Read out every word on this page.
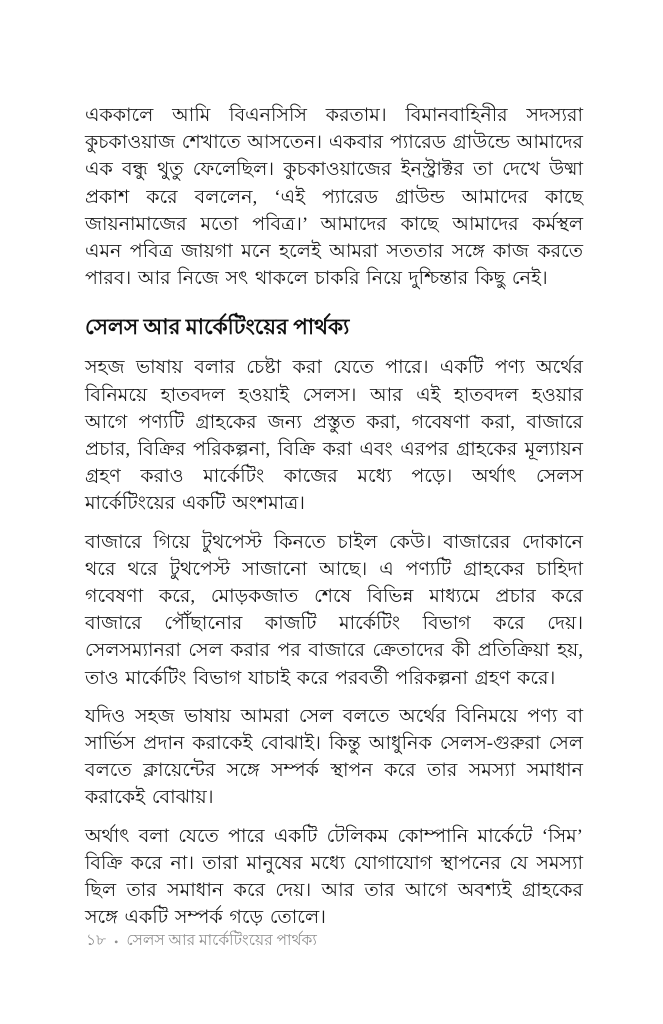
এককালে আমি বিএনসিসি করতাম। বিমানবাহিনীর সদস্যরা কুচকাওয়াজ শেখাতে আসতেন। একবার প্যারেড গ্রাউন্ডে আমাদের এক বন্ধু থুতু ফেলেছিল। কুচকাওয়াজের ইনস্ট্রাক্টর তা দেখে উষ্মা প্রকাশ করে বললেন, ‘এই প্যারেড গ্রাউন্ড আমাদের কাছে জায়নামাজের মতো পবিত্র।’ আমাদের কাছে আমাদের কর্মস্থল এমন পবিত্র জায়গা মনে হলেই আমরা সততার সঙ্গে কাজ করতে পারব। আর নিজে সৎ থাকলে চাকরি নিয়ে দুশ্চিন্তার কিছু নেই।

সেলস আর মার্কেটিংয়ের পার্থক্য

সহজ ভাষায় বলার চেষ্টা করা যেতে পারে। একটি পণ্য অর্থের বিনিময়ে হাতবদল হওয়াই সেলস। আর এই হাতবদল হওয়ার আগে পণ্যটি গ্রাহকের জন্য প্রস্তুত করা, গবেষণা করা, বাজারে প্রচার, বিক্রির পরিকল্পনা, বিক্রি করা এবং এরপর গ্রাহকের মূল্যায়ন গ্রহণ করাও মার্কেটিং কাজের মধ্যে পড়ে। অর্থাৎ সেলস মার্কেটিংয়ের একটি অংশমাত্র।

বাজারে গিয়ে টুথপেস্ট কিনতে চাইল কেউ। বাজারের দোকানে থরে থরে টুথপেস্ট সাজানো আছে। এ পণ্যটি গ্রাহকের চাহিদা গবেষণা করে, মোড়কজাত শেষে বিভিন্ন মাধ্যমে প্রচার করে বাজারে পৌঁছানোর কাজটি মার্কেটিং বিভাগ করে দেয়। সেলসম্যানরা সেল করার পর বাজারে ক্রেতাদের কী প্রতিক্রিয়া হয়, তাও মার্কেটিং বিভাগ যাচাই করে পরবর্তী পরিকল্পনা গ্রহণ করে।

যদিও সহজ ভাষায় আমরা সেল বলতে অর্থের বিনিময়ে পণ্য বা সার্ভিস প্রদান করাকেই বোঝাই। কিন্তু আধুনিক সেলস-গুরুরা সেল বলতে ক্লায়েন্টের সঙ্গে সম্পর্ক স্থাপন করে তার সমস্যা সমাধান করাকেই বোঝায়।

অর্থাৎ বলা যেতে পারে একটি টেলিকম কোম্পানি মার্কেটে ‘সিম’ বিক্রি করে না। তারা মানুষের মধ্যে যোগাযোগ স্থাপনের যে সমস্যা ছিল তার সমাধান করে দেয়। আর তার আগে অবশ্যই গ্রাহকের সঙ্গে একটি সম্পর্ক গড়ে তোলে।

১৮ • সেলস আর মার্কেটিংয়ের পার্থক্য
